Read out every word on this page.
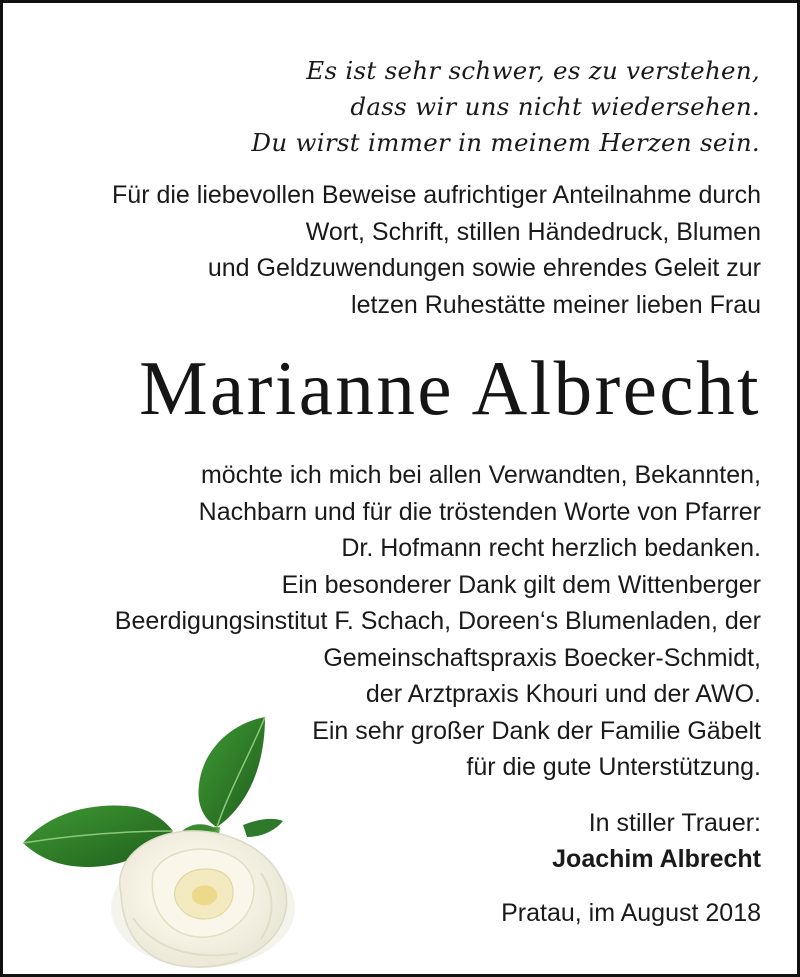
Es ist sehr schwer, es zu verstehen,
dass wir uns nicht wiedersehen.
Du wirst immer in meinem Herzen sein.
Für die liebevollen Beweise aufrichtiger Anteilnahme durch
Wort, Schrift, stillen Händedruck, Blumen
und Geldzuwendungen sowie ehrendes Geleit zur
letzen Ruhestätte meiner lieben Frau
Marianne Albrecht
möchte ich mich bei allen Verwandten, Bekannten,
Nachbarn und für die tröstenden Worte von Pfarrer
Dr. Hofmann recht herzlich bedanken.
Ein besonderer Dank gilt dem Wittenberger
Beerdigungsinstitut F. Schach, Doreen‘s Blumenladen, der
Gemeinschaftspraxis Boecker-Schmidt,
der Arztpraxis Khouri und der AWO.
Ein sehr großer Dank der Familie Gäbelt
für die gute Unterstützung.
In stiller Trauer:
Joachim Albrecht
Pratau, im August 2018
